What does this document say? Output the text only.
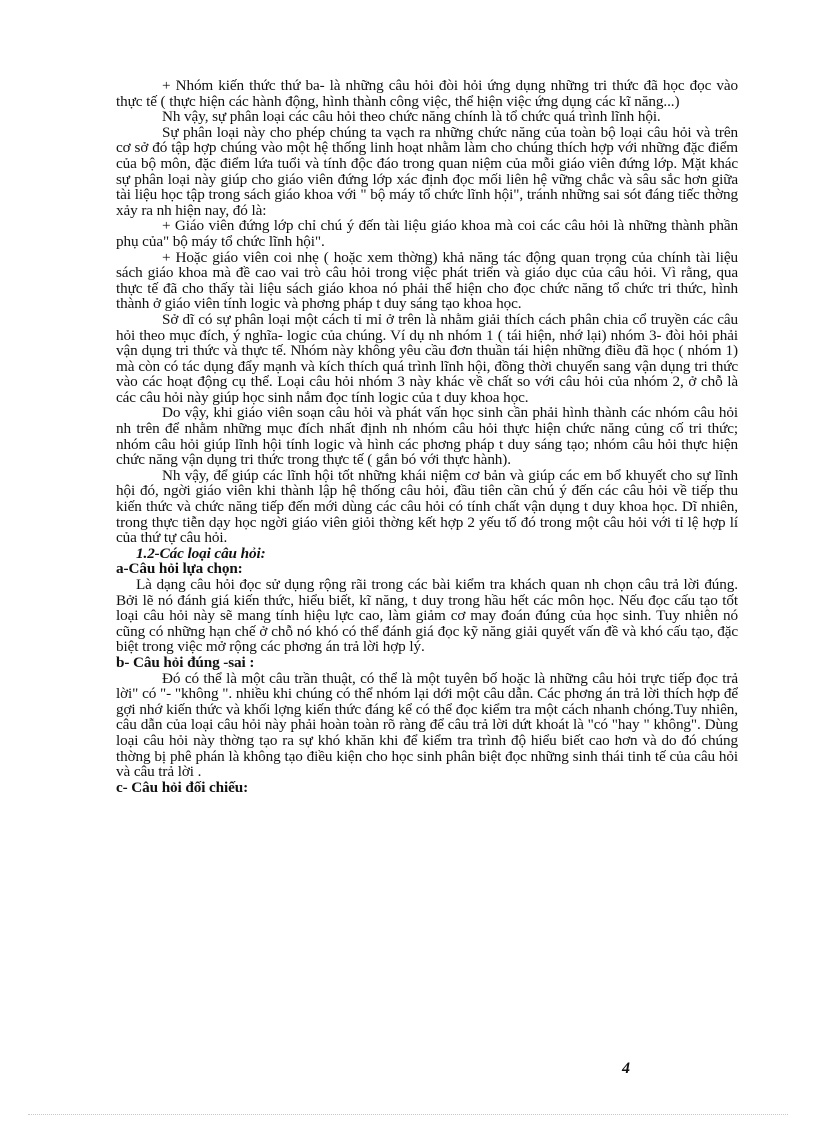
+ Nhóm kiến thức thứ ba- là những câu hỏi đòi hỏi ứng dụng những tri thức đã học đọc vào thực tế ( thực hiện các hành động, hình thành công việc, thể hiện việc ứng dụng các kĩ năng...)

Nh vậy, sự phân loại các câu hỏi theo chức năng chính là tổ chức quá trình lĩnh hội.

Sự phân loại này cho phép chúng ta vạch ra những chức năng của toàn bộ loại câu hỏi và trên cơ sở đó tập hợp chúng vào một hệ thống linh hoạt nhằm làm cho chúng thích hợp với những đặc điểm của bộ môn, đặc điểm lứa tuổi và tính độc đáo trong quan niệm của mỗi giáo viên đứng lớp. Mặt khác sự phân loại này giúp cho giáo viên đứng lớp xác định đọc mối liên hệ vững chắc và sâu sắc hơn giữa tài liệu học tập trong sách giáo khoa với " bộ máy tổ chức lĩnh hội", tránh những sai sót đáng tiếc thờng xảy ra nh hiện nay, đó là:

+ Giáo viên đứng lớp chỉ chú ý đến tài liệu giáo khoa mà coi các câu hỏi là những thành phần phụ của" bộ máy tổ chức lĩnh hội".

+ Hoặc giáo viên coi nhẹ ( hoặc xem thờng) khả năng tác động quan trọng của chính tài liệu sách giáo khoa mà đề cao vai trò câu hỏi trong việc phát triển và giáo dục của câu hỏi. Vì rằng, qua thực tế đã cho thấy tài liệu sách giáo khoa nó phải thể hiện cho đọc chức năng tổ chức tri thức, hình thành ở giáo viên tính logic và phơng pháp t duy sáng tạo khoa học.

Sở dĩ có sự phân loại một cách tỉ mỉ ở trên là nhằm giải thích cách phân chia cổ truyền các câu hỏi theo mục đích, ý nghĩa- logic của chúng. Ví dụ nh nhóm 1 ( tái hiện, nhớ lại) nhóm 3- đòi hỏi phải vận dụng tri thức và thực tế. Nhóm này không yêu cầu đơn thuần tái hiện những điều đã học ( nhóm 1) mà còn có tác dụng đẩy mạnh và kích thích quá trình lĩnh hội, đồng thời chuyển sang vận dụng tri thức vào các hoạt động cụ thể. Loại câu hỏi nhóm 3 này khác về chất so với câu hỏi của nhóm 2, ở chỗ là các câu hỏi này giúp học sinh nắm đọc tính logic của t duy khoa học.

Do vậy, khi giáo viên soạn câu hỏi và phát vấn học sinh cần phải hình thành các nhóm câu hỏi nh trên để nhằm những mục đích nhất định nh nhóm câu hỏi thực hiện chức năng củng cố tri thức; nhóm câu hỏi giúp lĩnh hội tính logic và hình các phơng pháp t duy sáng tạo; nhóm câu hỏi thực hiện chức năng vận dụng tri thức trong thực tế ( gắn bó với thực hành).

Nh vậy, để giúp các lĩnh hội tốt những khái niệm cơ bản và giúp các em bổ khuyết cho sự lĩnh hội đó, ngời giáo viên khi thành lập hệ thống câu hỏi, đầu tiên cần chú ý đến các câu hỏi về tiếp thu kiến thức và chức năng tiếp đến mới dùng các câu hỏi có tính chất vận dụng t duy khoa học. Dĩ nhiên, trong thực tiễn dạy học ngời giáo viên giỏi thờng kết hợp 2 yếu tố đó trong một câu hỏi với tỉ lệ hợp lí của thứ tự câu hỏi.

1.2-Các loại câu hỏi:

a-Câu hỏi lựa chọn:

Là dạng câu hỏi đọc sử dụng rộng rãi trong các bài kiểm tra khách quan nh chọn câu trả lời đúng. Bởi lẽ nó đánh giá kiến thức, hiểu biết, kĩ năng, t duy trong hầu hết các môn học. Nếu đọc cấu tạo tốt loại câu hỏi này sẽ mang tính hiệu lực cao, làm giảm cơ may đoán đúng của học sinh. Tuy nhiên nó cũng có những hạn chế ở chỗ nó khó có thể đánh giá đọc kỹ năng giải quyết vấn đề và khó cấu tạo, đặc biệt trong việc mở rộng các phơng án trả lời hợp lý.

b- Câu hỏi đúng -sai :

Đó có thể là một câu trần thuật, có thể là một tuyên bố hoặc là những câu hỏi trực tiếp đọc trả lời" có "- "không ". nhiều khi chúng có thể nhóm lại dới một câu dẫn. Các phơng án trả lời thích hợp để gợi nhớ kiến thức và khối lợng kiến thức đáng kể có thể đọc kiểm tra một cách nhanh chóng.Tuy nhiên, câu dẫn của loại câu hỏi này phải hoàn toàn rõ ràng để câu trả lời dứt khoát là "có "hay " không". Dùng loại câu hỏi này thờng tạo ra sự khó khăn khi để kiểm tra trình độ hiểu biết cao hơn và do đó chúng thờng bị phê phán là không tạo điều kiện cho học sinh phân biệt đọc những sinh thái tinh tế của câu hỏi và câu trả lời .

c- Câu hỏi đối chiếu:

4
